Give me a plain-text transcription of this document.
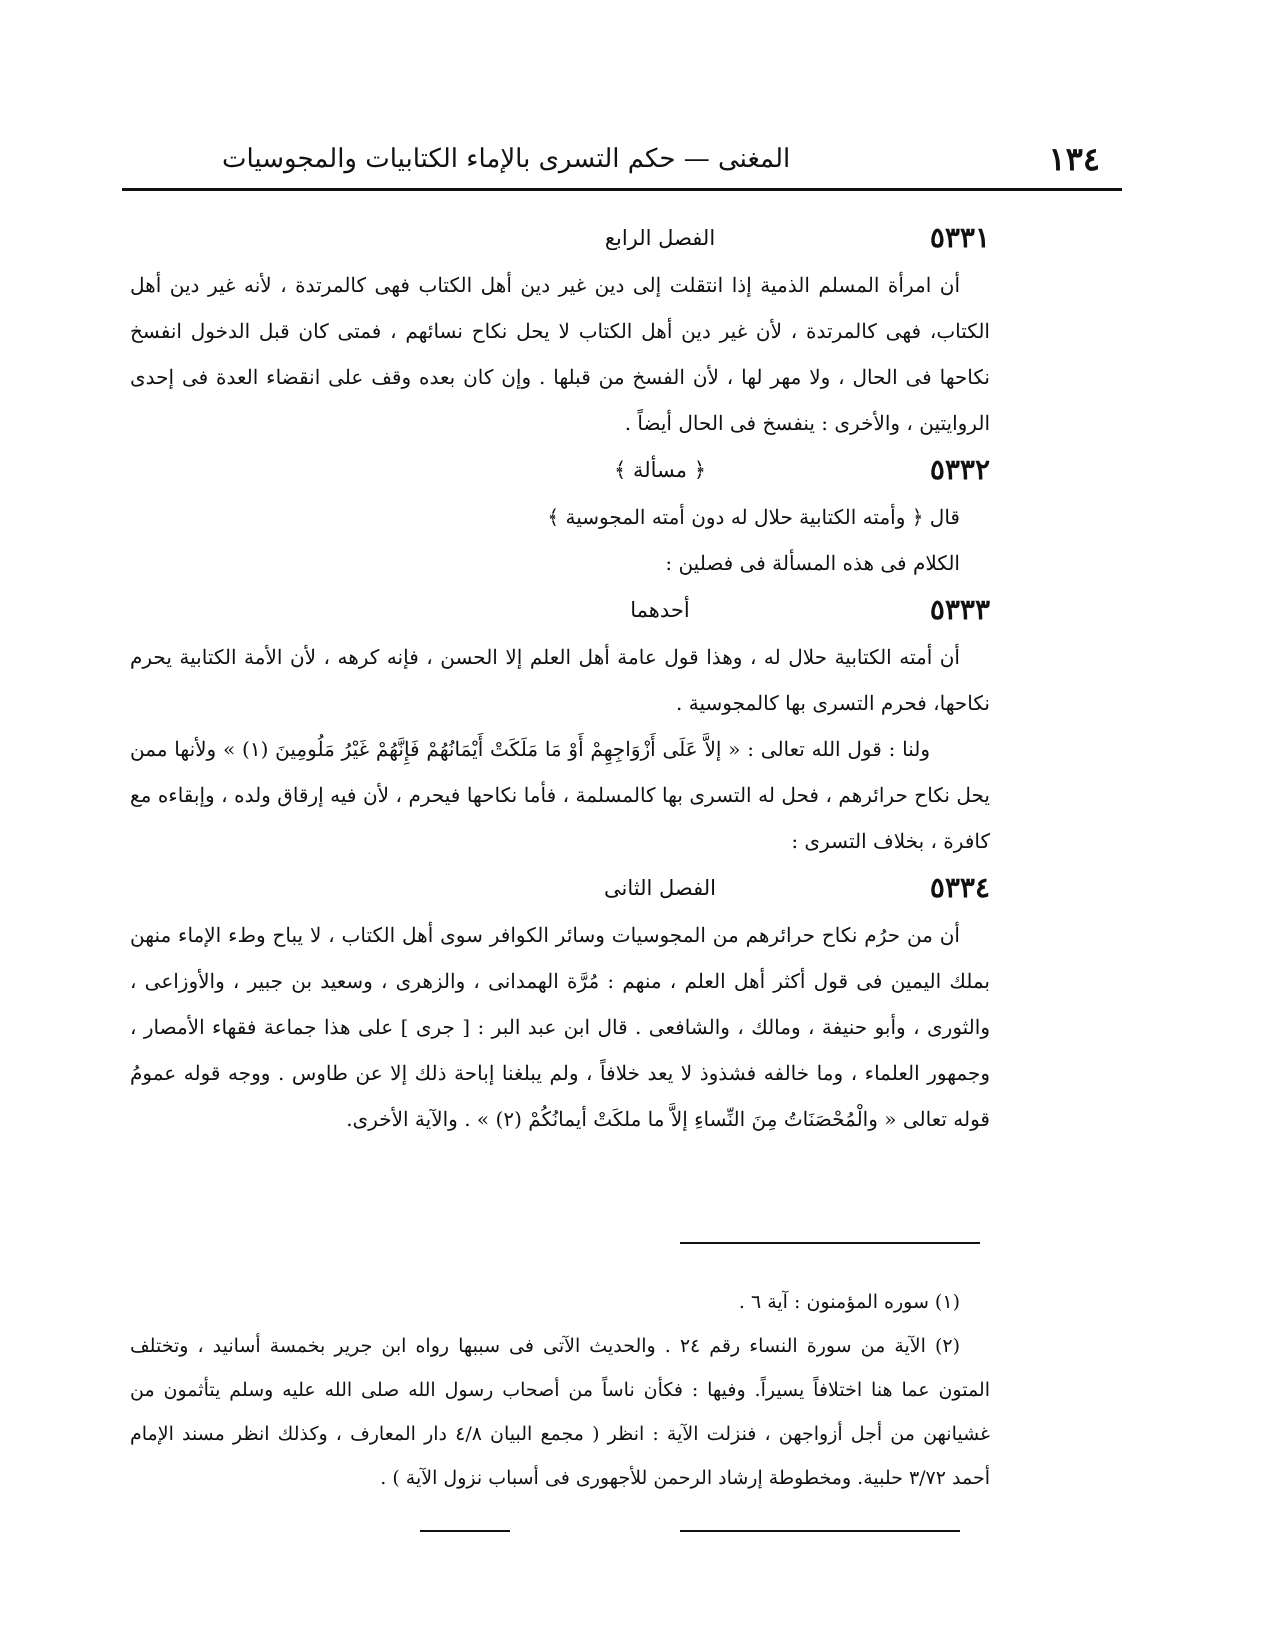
١٣٤
المغنى — حكم التسرى بالإماء الكتابيات والمجوسيات
٥٣٣١
الفصل الرابع

أن امرأة المسلم الذمية إذا انتقلت إلى دين غير دين أهل الكتاب فهى كالمرتدة ، لأنه غير دين أهل الكتاب، فهى كالمرتدة ، لأن غير دين أهل الكتاب لا يحل نكاح نسائهم ، فمتى كان قبل الدخول انفسخ نكاحها فى الحال ، ولا مهر لها ، لأن الفسخ من قبلها . وإن كان بعده وقف على انقضاء العدة فى إحدى الروايتين ، والأخرى : ينفسخ فى الحال أيضاً .

٥٣٣٢
﴿ مسألة ﴾

قال ﴿ وأمته الكتابية حلال له دون أمته المجوسية ﴾

الكلام فى هذه المسألة فى فصلين :

٥٣٣٣
أحدهما

أن أمته الكتابية حلال له ، وهذا قول عامة أهل العلم إلا الحسن ، فإنه كرهه ، لأن الأمة الكتابية يحرم نكاحها، فحرم التسرى بها كالمجوسية .

ولنا : قول الله تعالى : « إلاَّ عَلَى أَزْوَاجِهِمْ أَوْ مَا مَلَكَتْ أَيْمَانُهُمْ فَإِنَّهُمْ غَيْرُ مَلُومِينَ (١) » ولأنها ممن يحل نكاح حرائرهم ، فحل له التسرى بها كالمسلمة ، فأما نكاحها فيحرم ، لأن فيه إرقاق ولده ، وإبقاءه مع كافرة ، بخلاف التسرى :

٥٣٣٤
الفصل الثانى

أن من حرُم نكاح حرائرهم من المجوسيات وسائر الكوافر سوى أهل الكتاب ، لا يباح وطء الإماء منهن بملك اليمين فى قول أكثر أهل العلم ، منهم : مُرَّة الهمدانى ، والزهرى ، وسعيد بن جبير ، والأوزاعى ، والثورى ، وأبو حنيفة ، ومالك ، والشافعى . قال ابن عبد البر : [ جرى ] على هذا جماعة فقهاء الأمصار ، وجمهور العلماء ، وما خالفه فشذوذ لا يعد خلافاً ، ولم يبلغنا إباحة ذلك إلا عن طاوس . ووجه قوله عمومُ قوله تعالى « والْمُحْصَنَاتُ مِنَ النِّساءِ إلاَّ ما ملكَتْ أيمانُكُمْ (٢) » . والآية الأخرى.

(١) سوره المؤمنون : آية ٦ .

(٢) الآية من سورة النساء رقم ٢٤ . والحديث الآتى فى سببها رواه ابن جرير بخمسة أسانيد ، وتختلف المتون عما هنا اختلافاً يسيراً. وفيها : فكأن ناساً من أصحاب رسول الله صلى الله عليه وسلم يتأثمون من غشيانهن من أجل أزواجهن ، فنزلت الآية : انظر ( مجمع البيان ٤/٨ دار المعارف ، وكذلك انظر مسند الإمام أحمد ٣/٧٢ حلبية. ومخطوطة إرشاد الرحمن للأجهورى فى أسباب نزول الآية ) .
